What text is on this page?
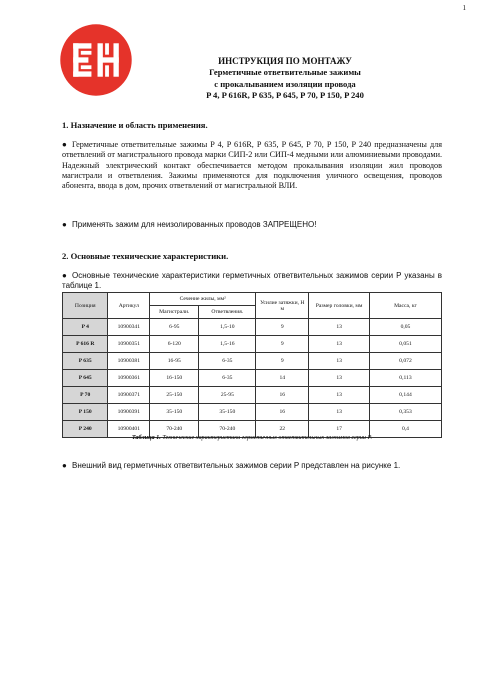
1
ИНСТРУКЦИЯ ПО МОНТАЖУ
Герметичные ответвительные зажимы
с прокалыванием изоляции провода
P 4, P 616R, P 635, P 645, P 70, P 150, P 240
1. Назначение и область применения.

● Герметичные ответвительные зажимы P 4, P 616R, P 635, P 645, P 70, P 150, P 240 предназначены для ответвлений от магистрального провода марки СИП-2 или СИП-4 медными или алюминиевыми проводами. Надежный электрический контакт обеспечивается методом прокалывания изоляции жил проводов магистрали и ответвления. Зажимы применяются для подключения уличного освещения, проводов абонента, ввода в дом, прочих ответвлений от магистральной ВЛИ.

● Применять зажим для неизолированных проводов ЗАПРЕЩЕНО!

2. Основные технические характеристики.

● Основные технические характеристики герметичных ответвительных зажимов серии P указаны в таблице 1.

Позиция	Артикул	Сечение жилы, мм²		Усилие затяжки, Н м	Размер головки, мм	Масса, кг
		Магистрали.	Ответвления.			
P 4	10900341	6-95	1,5-10	9	13	0,05
P 616 R	10900351	6-120	1,5-16	9	13	0,051
P 635	10900381	16-95	6-35	9	13	0,072
P 645	10900361	16-150	6-35	14	13	0,113
P 70	10900371	25-150	25-95	16	13	0,144
P 150	10900391	35-150	35-150	16	13	0,353
P 240	10900401	70-240	70-240	22	17	0,4
Таблица 1. Технические характеристики герметичных ответвительных зажимов серии P.

● Внешний вид герметичных ответвительных зажимов серии P представлен на рисунке 1.
